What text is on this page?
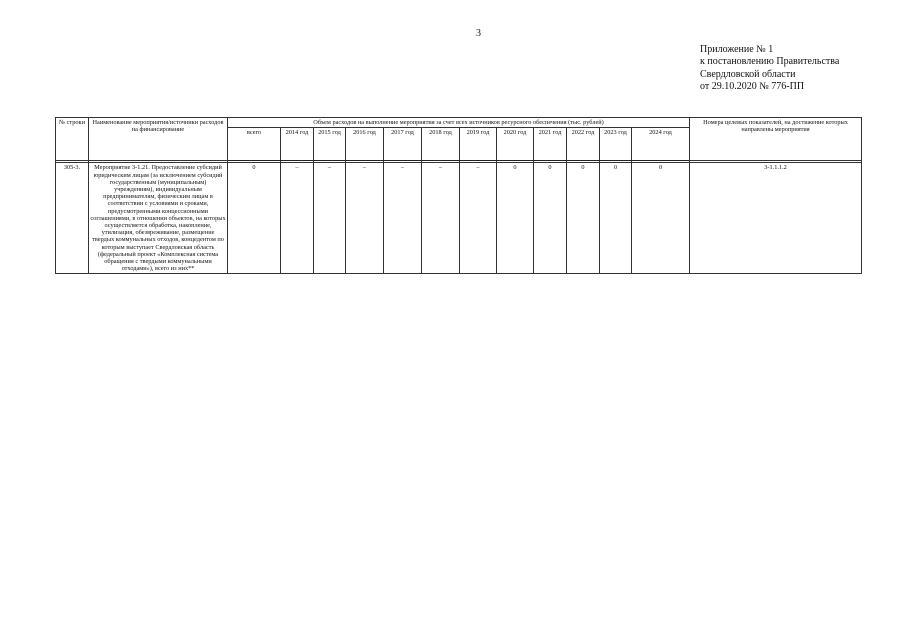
3
Приложение № 1
к постановлению Правительства
Свердловской области
от 29.10.2020 № 776-ПП
№ строки	Наименование мероприятия/источники расходов на финансирование	Объем расходов на выполнение мероприятия за счет всех источников ресурсного обеспечения (тыс. рублей)												Номера целевых показателей, на достижение которых направлены мероприятия
		всего	2014 год	2015 год	2016 год	2017 год	2018 год	2019 год	2020 год	2021 год	2022 год	2023 год	2024 год	

305-3.	Мероприятие 3-1.21. Предоставление субсидий юридическим лицам (за исключением субсидий государственным (муниципальным) учреждениям), индивидуальным предпринимателям, физическим лицам в соответствии с условиями и сроками, предусмотренными концессионными соглашениями, в отношении объектов, на которых осуществляется обработка, накопление, утилизация, обезвреживание, размещение твердых коммунальных отходов, концедентом по которым выступает Свердловская область (федеральный проект «Комплексная система обращения с твердыми коммунальными отходами»), всего из них**	0	–	–	–	–	–	–	0	0	0	0	0	3-1.1.1.2
